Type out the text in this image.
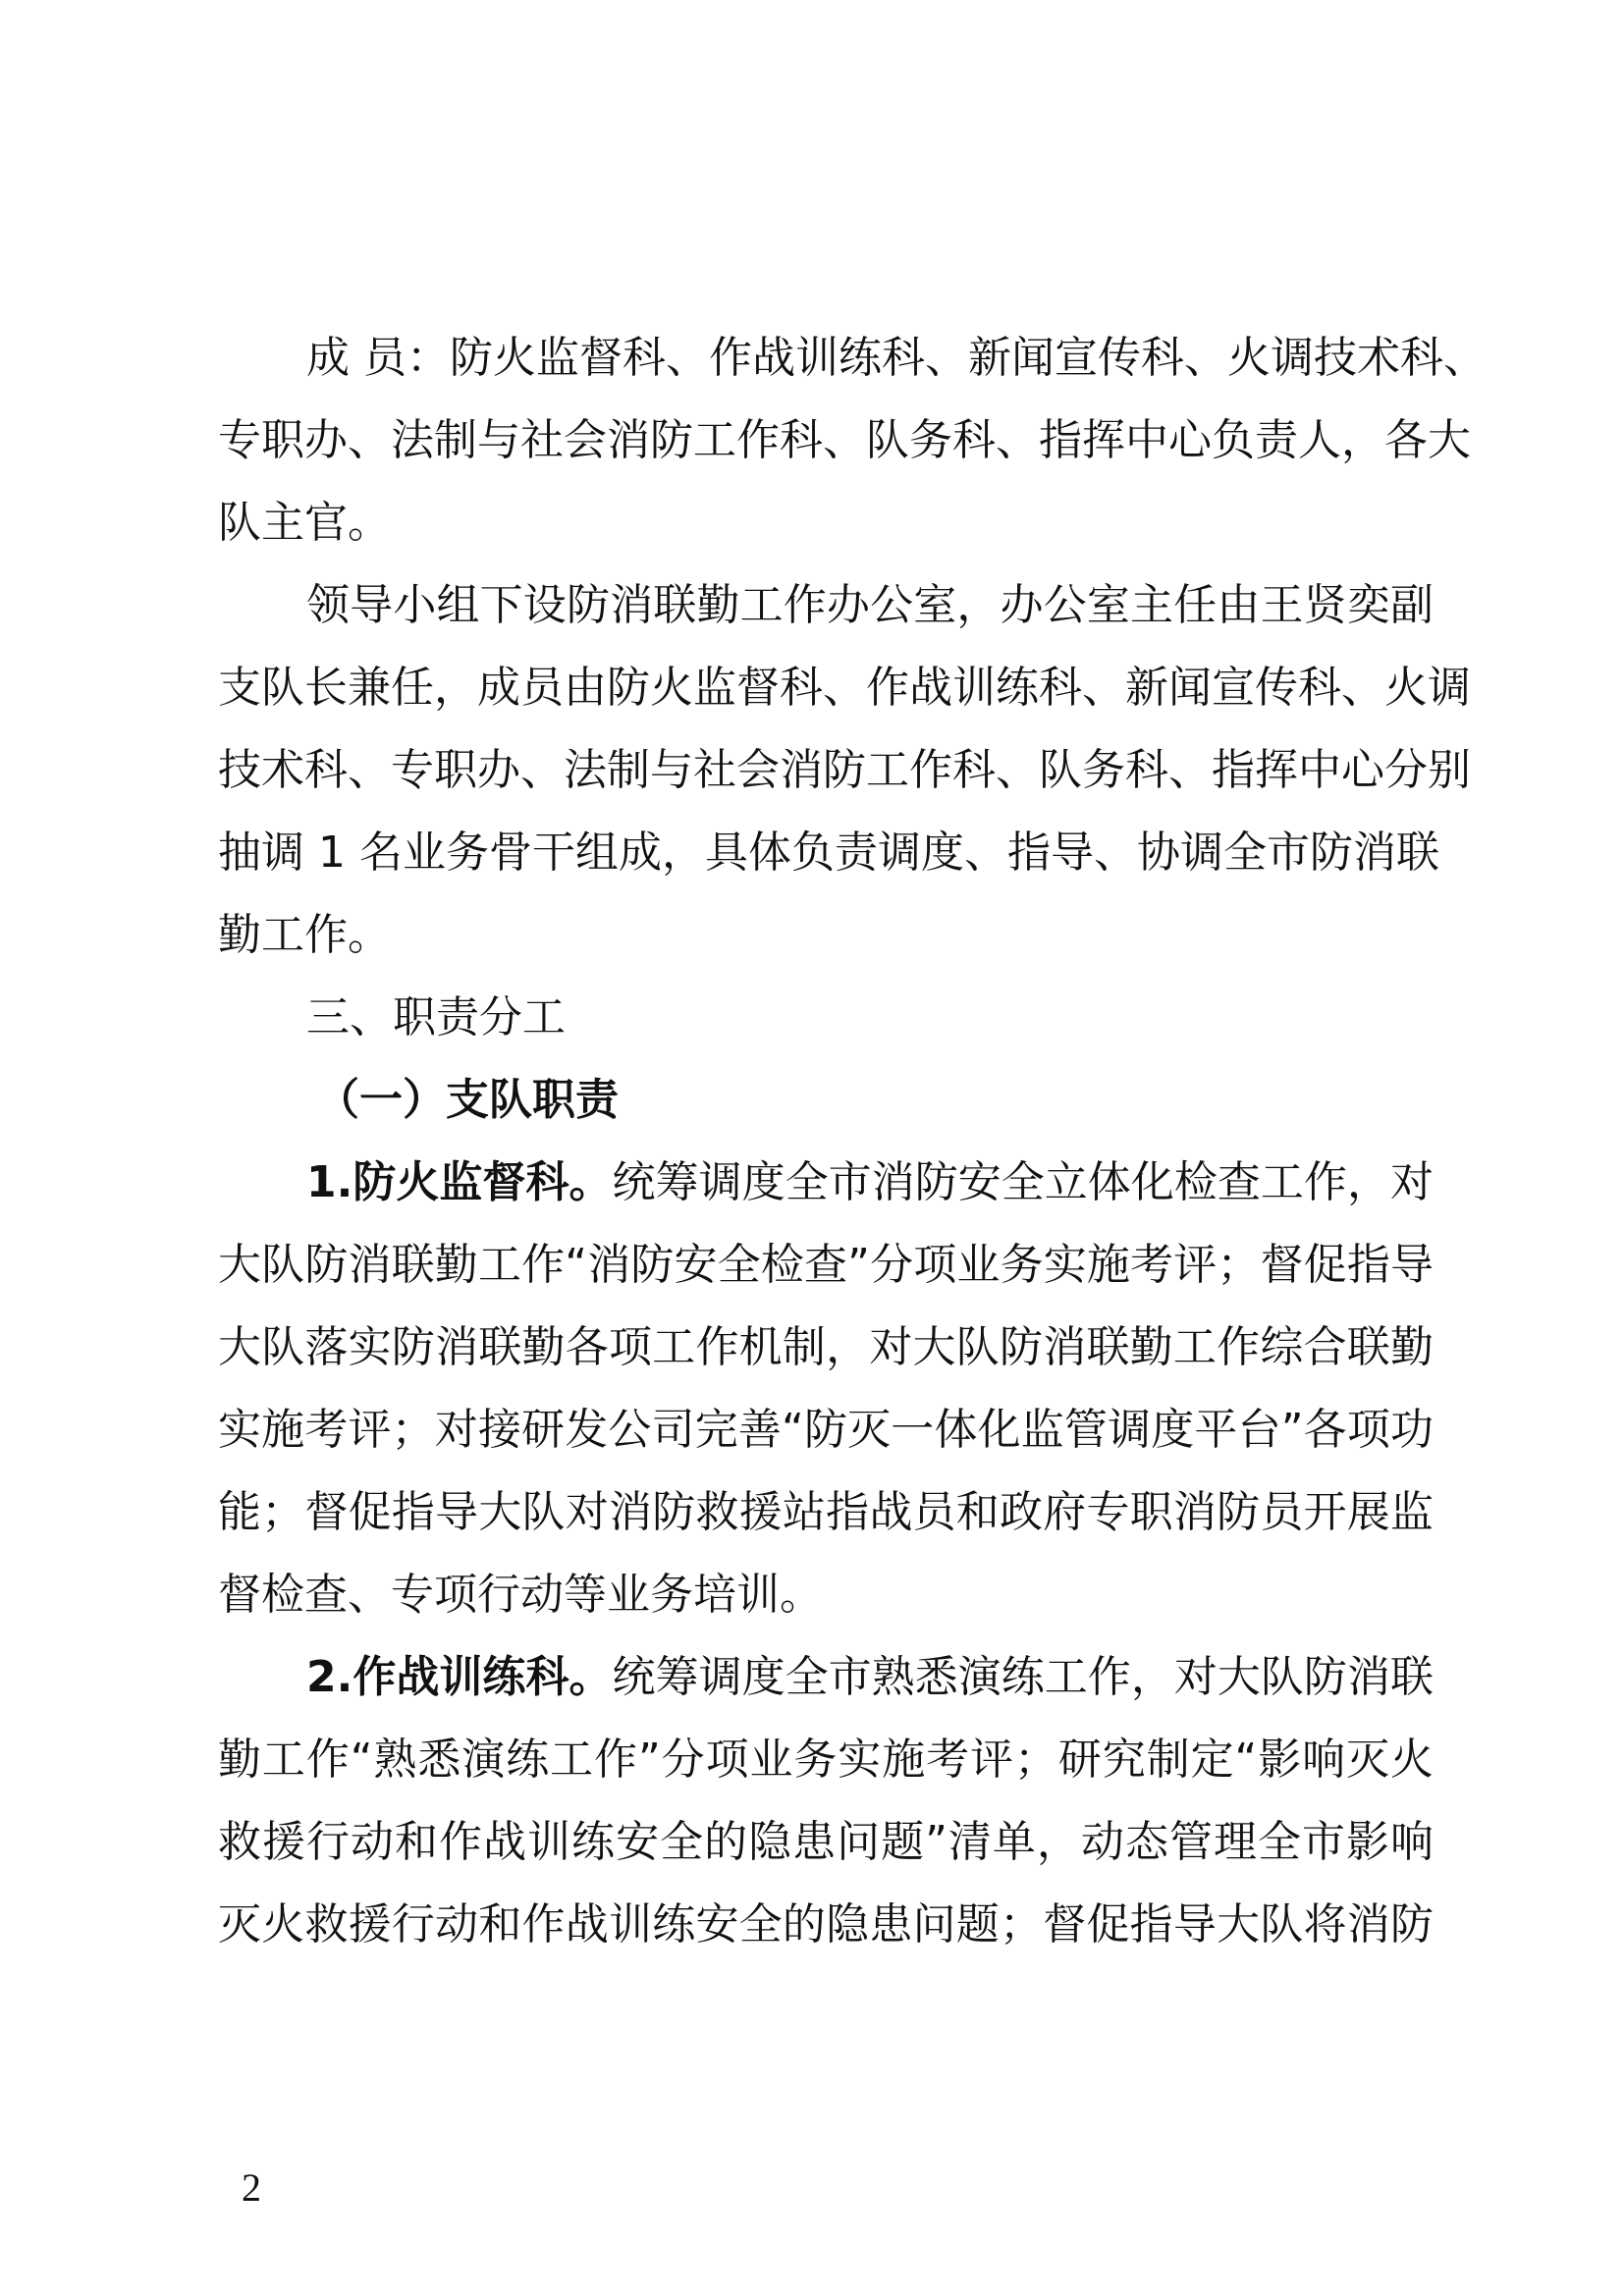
成 员：防火监督科、作战训练科、新闻宣传科、火调技术科、
专职办、法制与社会消防工作科、队务科、指挥中心负责人，各大
队主官。
领导小组下设防消联勤工作办公室，办公室主任由王贤奕副
支队长兼任，成员由防火监督科、作战训练科、新闻宣传科、火调
技术科、专职办、法制与社会消防工作科、队务科、指挥中心分别
抽调 1 名业务骨干组成，具体负责调度、指导、协调全市防消联
勤工作。
三、职责分工
（一）支队职责
1.防火监督科。统筹调度全市消防安全立体化检查工作，对
大队防消联勤工作“消防安全检查”分项业务实施考评；督促指导
大队落实防消联勤各项工作机制，对大队防消联勤工作综合联勤
实施考评；对接研发公司完善“防灭一体化监管调度平台”各项功
能；督促指导大队对消防救援站指战员和政府专职消防员开展监
督检查、专项行动等业务培训。
2.作战训练科。统筹调度全市熟悉演练工作，对大队防消联
勤工作“熟悉演练工作”分项业务实施考评；研究制定“影响灭火
救援行动和作战训练安全的隐患问题”清单，动态管理全市影响
灭火救援行动和作战训练安全的隐患问题；督促指导大队将消防
2
